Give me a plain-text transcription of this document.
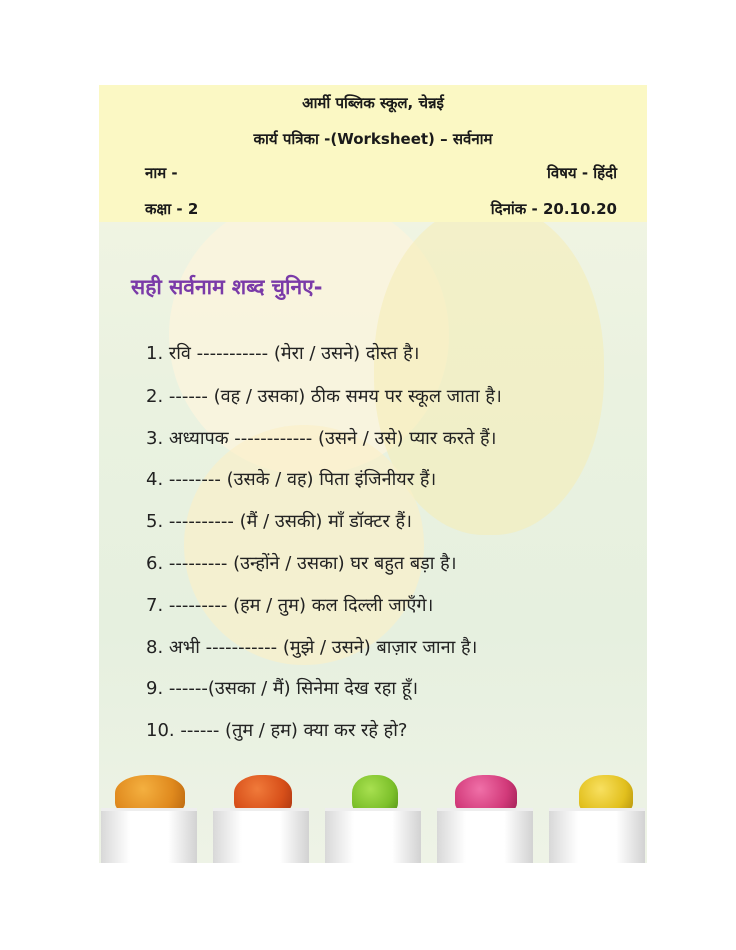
आर्मी पब्लिक स्कूल, चेन्नई
कार्य पत्रिका -(Worksheet) – सर्वनाम
नाम -	विषय - हिंदी
कक्षा - 2	दिनांक - 20.10.20
सही सर्वनाम शब्द चुनिए-
1. रवि ----------- (मेरा / उसने) दोस्त है।
2. ------ (वह / उसका) ठीक समय पर स्कूल जाता है।
3. अध्यापक ------------ (उसने / उसे) प्यार करते हैं।
4. -------- (उसके / वह) पिता इंजिनीयर हैं।
5. ---------- (मैं / उसकी) माँ डॉक्टर हैं।
6. --------- (उन्होंने / उसका) घर बहुत बड़ा है।
7. --------- (हम / तुम) कल दिल्ली जाएँगे।
8. अभी ----------- (मुझे / उसने) बाज़ार जाना है।
9. ------(उसका / मैं) सिनेमा देख रहा हूँ।
10. ------ (तुम / हम) क्या कर रहे हो?
